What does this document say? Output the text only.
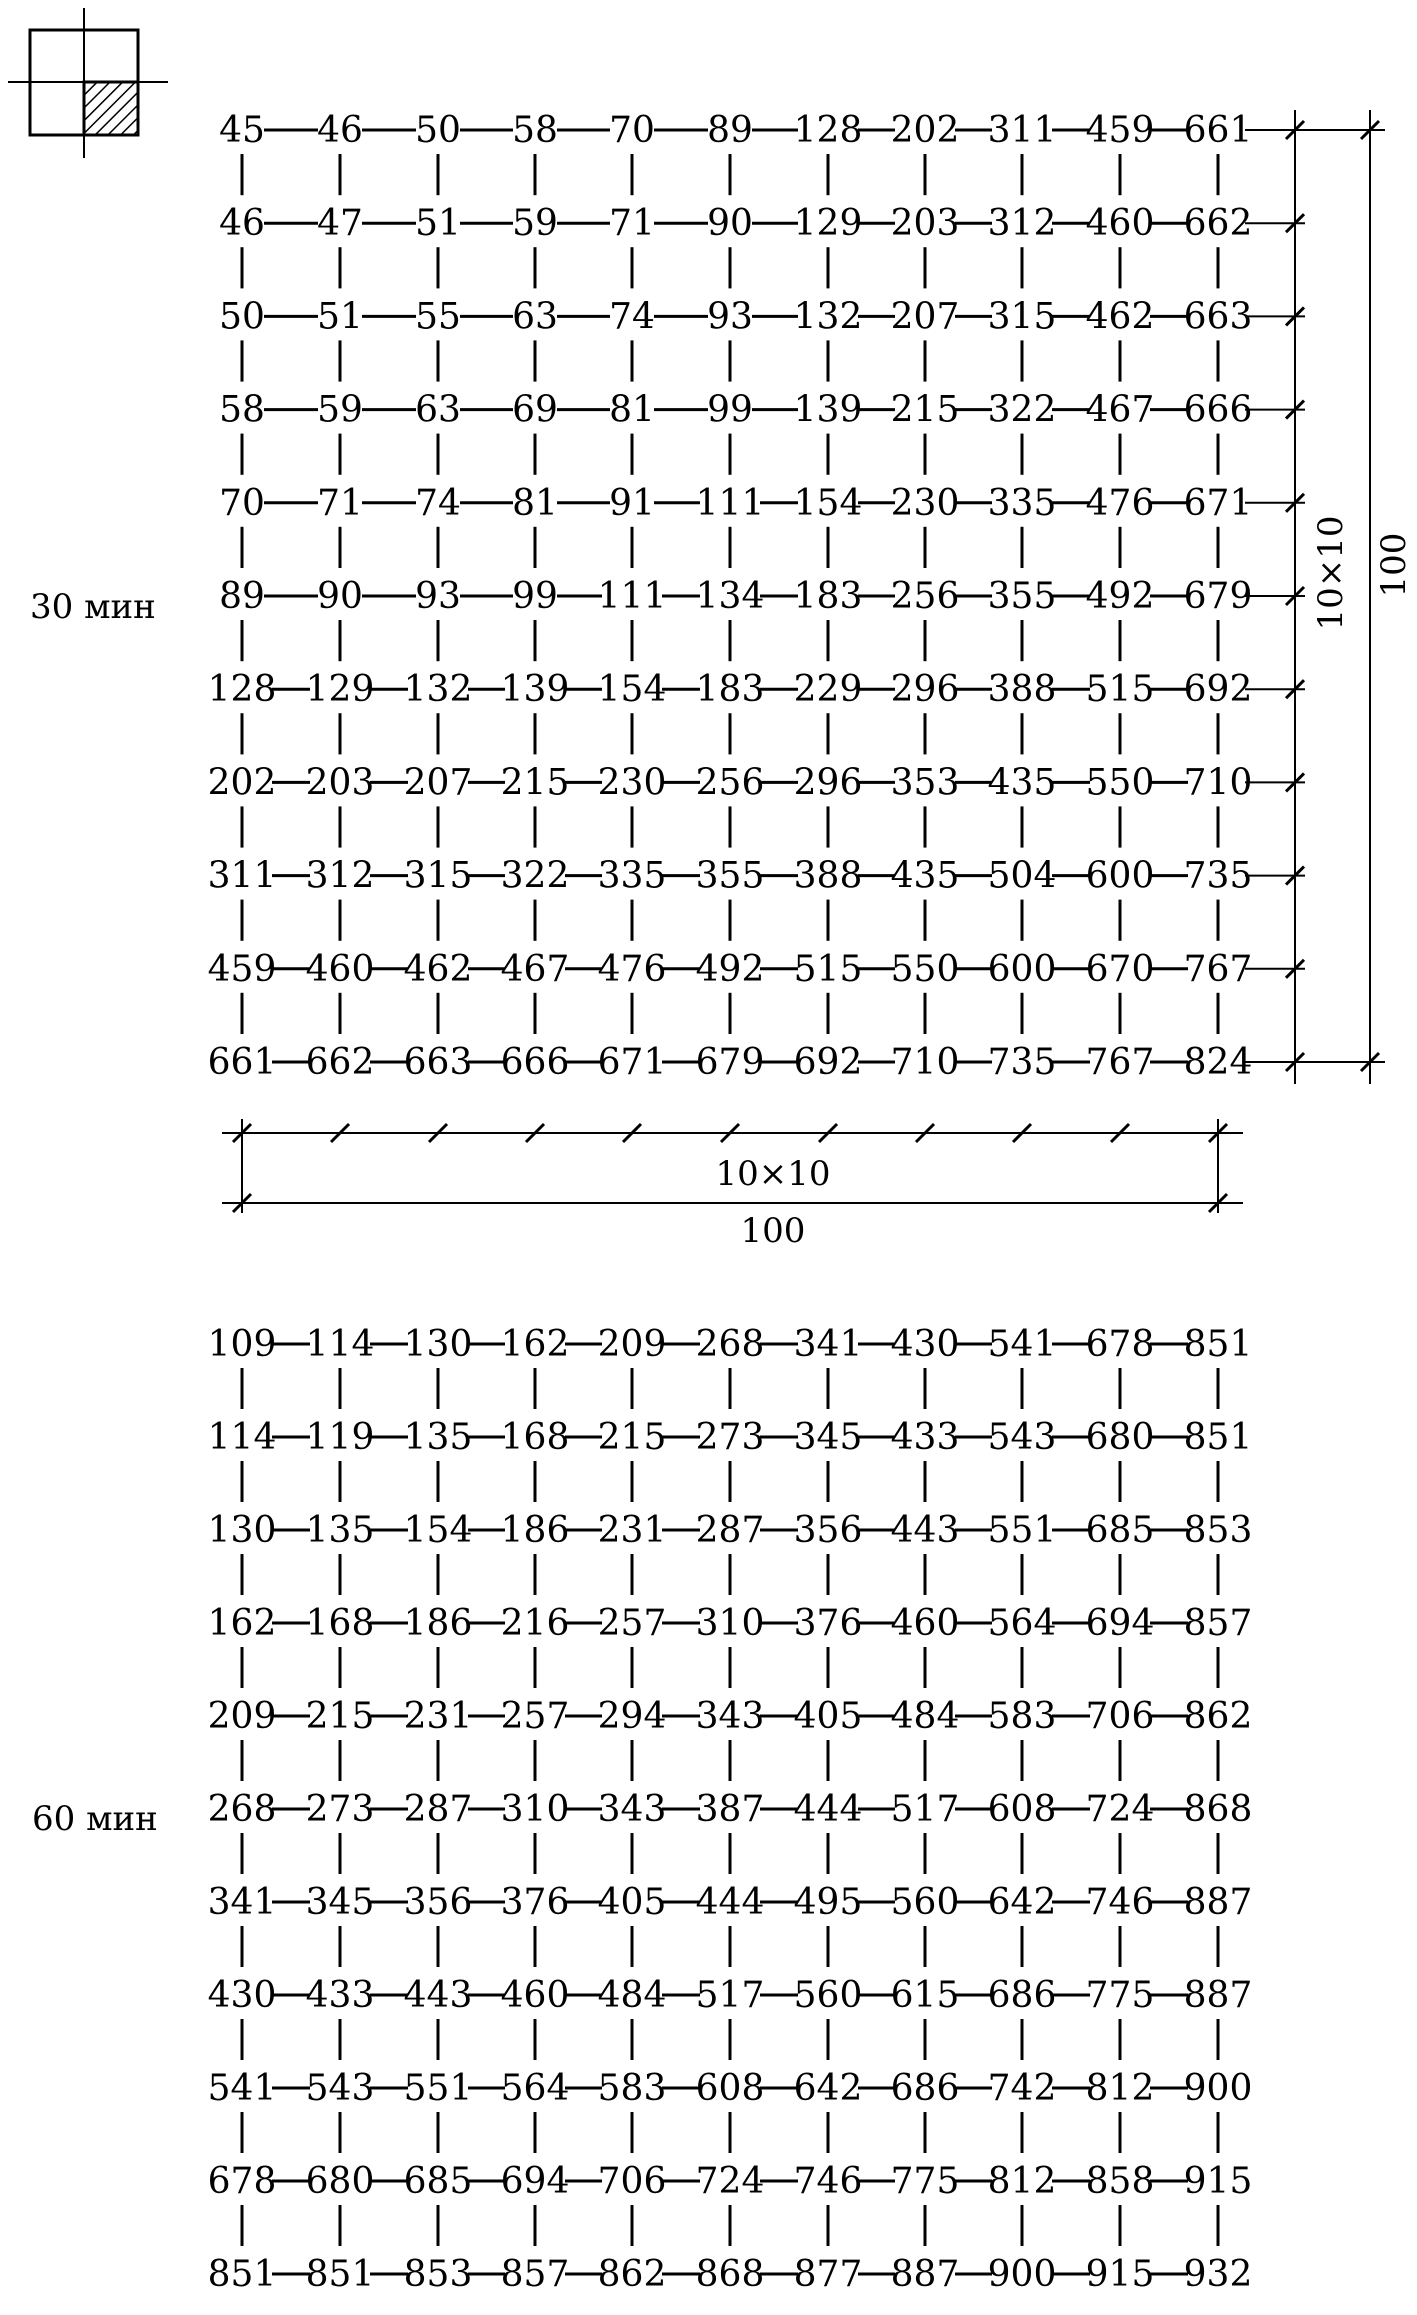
30 мин
45 46 50 58 70 89 128 202 311 459 661
46 47 51 59 71 90 129 203 312 460 662
50 51 55 63 74 93 132 207 315 462 663
58 59 63 69 81 99 139 215 322 467 666
70 71 74 81 91 111 154 230 335 476 671
89 90 93 99 111 134 183 256 355 492 679
128 129 132 139 154 183 229 296 388 515 692
202 203 207 215 230 256 296 353 435 550 710
311 312 315 322 335 355 388 435 504 600 735
459 460 462 467 476 492 515 550 600 670 767
661 662 663 666 671 679 692 710 735 767 824
60 мин
109 114 130 162 209 268 341 430 541 678 851
114 119 135 168 215 273 345 433 543 680 851
130 135 154 186 231 287 356 443 551 685 853
162 168 186 216 257 310 376 460 564 694 857
209 215 231 257 294 343 405 484 583 706 862
268 273 287 310 343 387 444 517 608 724 868
341 345 356 376 405 444 495 560 642 746 887
430 433 443 460 484 517 560 615 686 775 887
541 543 551 564 583 608 642 686 742 812 900
678 680 685 694 706 724 746 775 812 858 915
851 851 853 857 862 868 877 887 900 915 932
10×10
100
10×10 100
